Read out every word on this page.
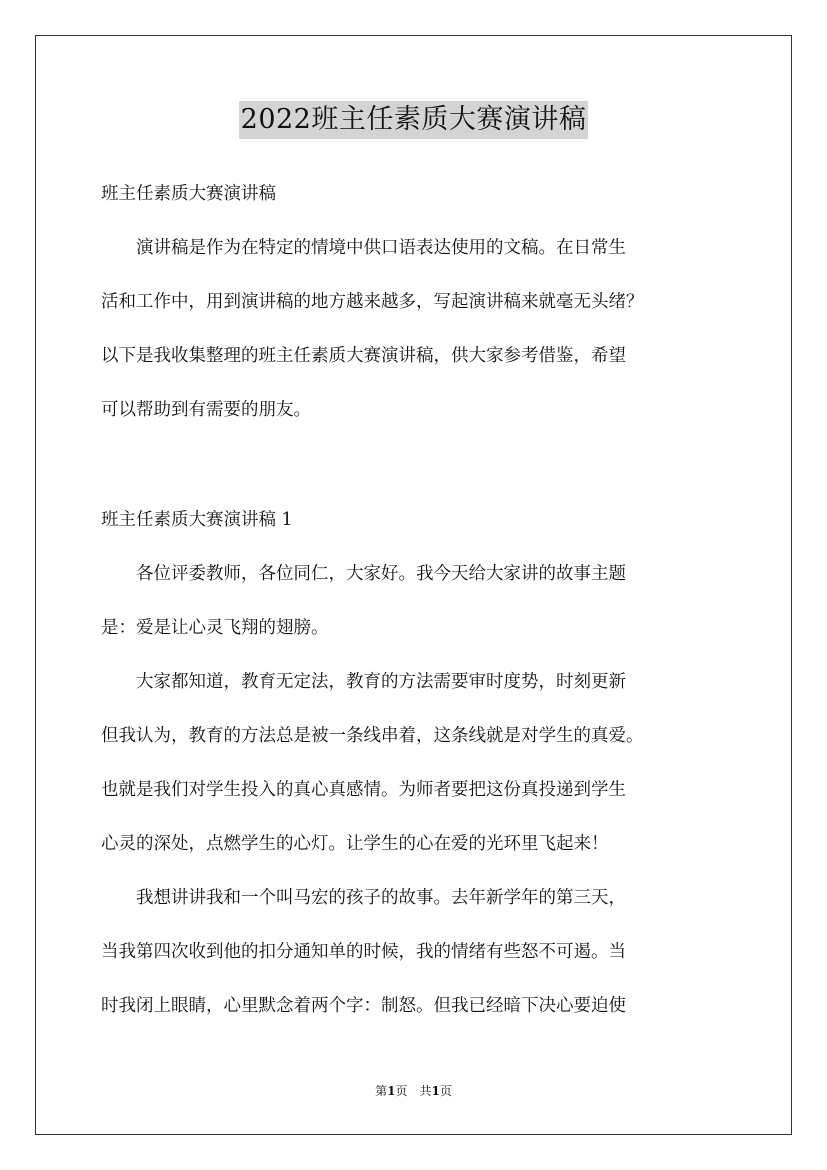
2022班主任素质大赛演讲稿
班主任素质大赛演讲稿
　　演讲稿是作为在特定的情境中供口语表达使用的文稿。在日常生
活和工作中，用到演讲稿的地方越来越多，写起演讲稿来就毫无头绪？
以下是我收集整理的班主任素质大赛演讲稿，供大家参考借鉴，希望
可以帮助到有需要的朋友。
班主任素质大赛演讲稿 1
　　各位评委教师，各位同仁，大家好。我今天给大家讲的故事主题
是：爱是让心灵飞翔的翅膀。
　　大家都知道，教育无定法，教育的方法需要审时度势，时刻更新
但我认为，教育的方法总是被一条线串着，这条线就是对学生的真爱。
也就是我们对学生投入的真心真感情。为师者要把这份真投递到学生
心灵的深处，点燃学生的心灯。让学生的心在爱的光环里飞起来！
　　我想讲讲我和一个叫马宏的孩子的故事。去年新学年的第三天，
当我第四次收到他的扣分通知单的时候，我的情绪有些怒不可遏。当
时我闭上眼睛，心里默念着两个字：制怒。但我已经暗下决心要迫使
第1页　共1页
